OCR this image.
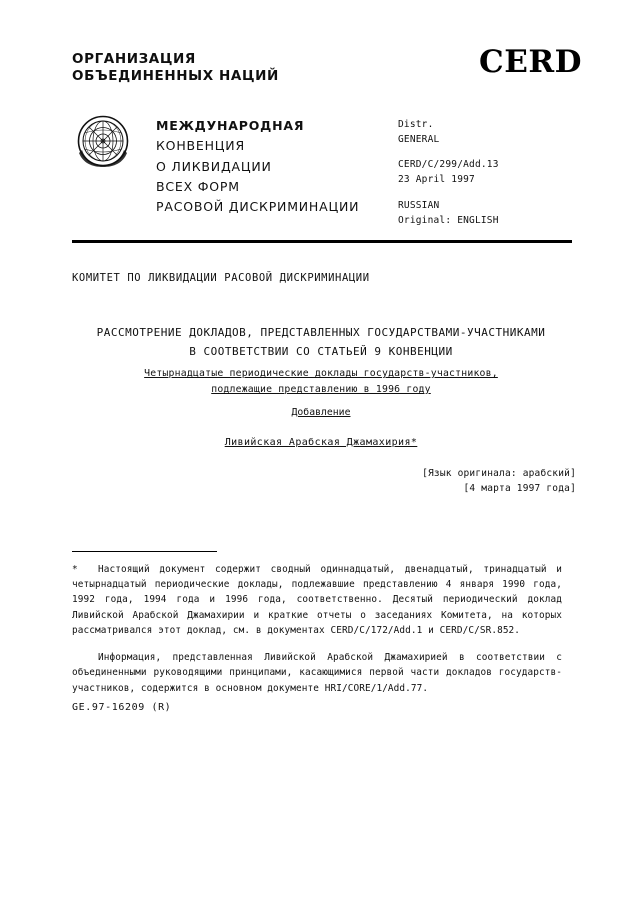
ОРГАНИЗАЦИЯ
ОБЪЕДИНЕННЫХ НАЦИЙ	CERD
МЕЖДУНАРОДНАЯ
КОНВЕНЦИЯ
О ЛИКВИДАЦИИ
ВСЕХ ФОРМ
РАСОВОЙ ДИСКРИМИНАЦИИ
Distr.
GENERAL
CERD/C/299/Add.13
23 April 1997
RUSSIAN
Original: ENGLISH
КОМИТЕТ ПО ЛИКВИДАЦИИ РАСОВОЙ ДИСКРИМИНАЦИИ
РАССМОТРЕНИЕ ДОКЛАДОВ, ПРЕДСТАВЛЕННЫХ ГОСУДАРСТВАМИ-УЧАСТНИКАМИ
В СООТВЕТСТВИИ СО СТАТЬЕЙ 9 КОНВЕНЦИИ
Четырнадцатые периодические доклады государств-участников,
подлежащие представлению в 1996 году
Добавление
Ливийская Арабская Джамахирия*
[Язык оригинала: арабский]
[4 марта 1997 года]

* Настоящий документ содержит сводный одиннадцатый, двенадцатый, тринадцатый и четырнадцатый периодические доклады, подлежавшие представлению 4 января 1990 года, 1992 года, 1994 года и 1996 года, соответственно. Десятый периодический доклад Ливийской Арабской Джамахирии и краткие отчеты о заседаниях Комитета, на которых рассматривался этот доклад, см. в документах CERD/C/172/Add.1 и CERD/C/SR.852.

Информация, представленная Ливийской Арабской Джамахирией в соответствии с объединенными руководящими принципами, касающимися первой части докладов государств-участников, содержится в основном документе HRI/CORE/1/Add.77.

GE.97-16209 (R)
